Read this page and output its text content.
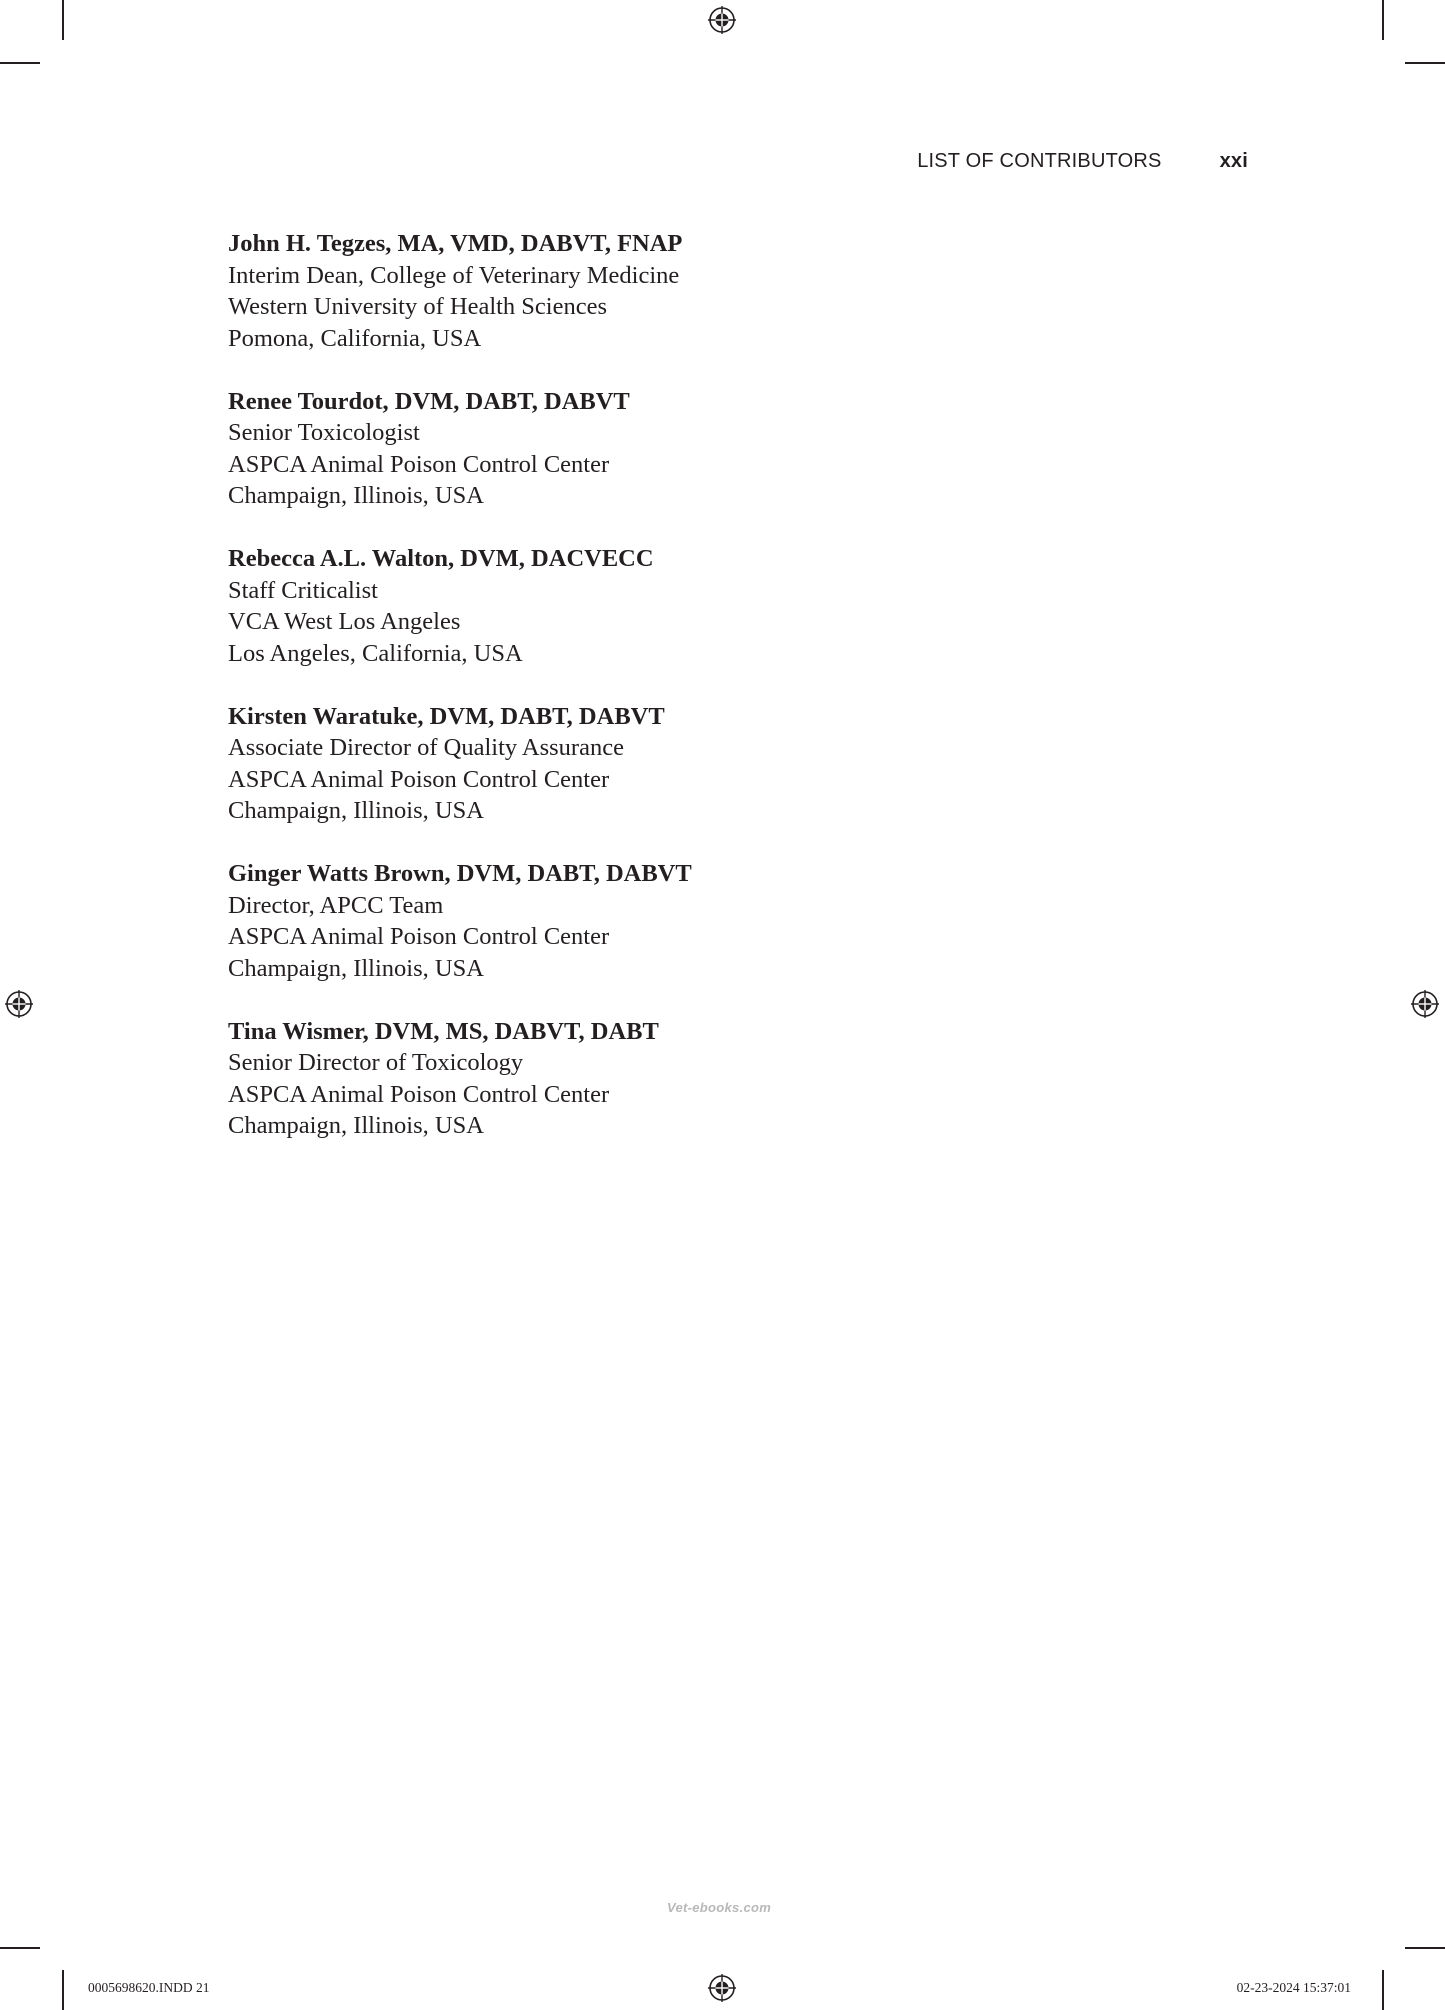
LIST OF CONTRIBUTORS	xxi
John H. Tegzes, MA, VMD, DABVT, FNAP
Interim Dean, College of Veterinary Medicine
Western University of Health Sciences
Pomona, California, USA
Renee Tourdot, DVM, DABT, DABVT
Senior Toxicologist
ASPCA Animal Poison Control Center
Champaign, Illinois, USA
Rebecca A.L. Walton, DVM, DACVECC
Staff Criticalist
VCA West Los Angeles
Los Angeles, California, USA
Kirsten Waratuke, DVM, DABT, DABVT
Associate Director of Quality Assurance
ASPCA Animal Poison Control Center
Champaign, Illinois, USA
Ginger Watts Brown, DVM, DABT, DABVT
Director, APCC Team
ASPCA Animal Poison Control Center
Champaign, Illinois, USA
Tina Wismer, DVM, MS, DABVT, DABT
Senior Director of Toxicology
ASPCA Animal Poison Control Center
Champaign, Illinois, USA
Vet-ebooks.com
0005698620.INDD 21	02-23-2024 15:37:01
